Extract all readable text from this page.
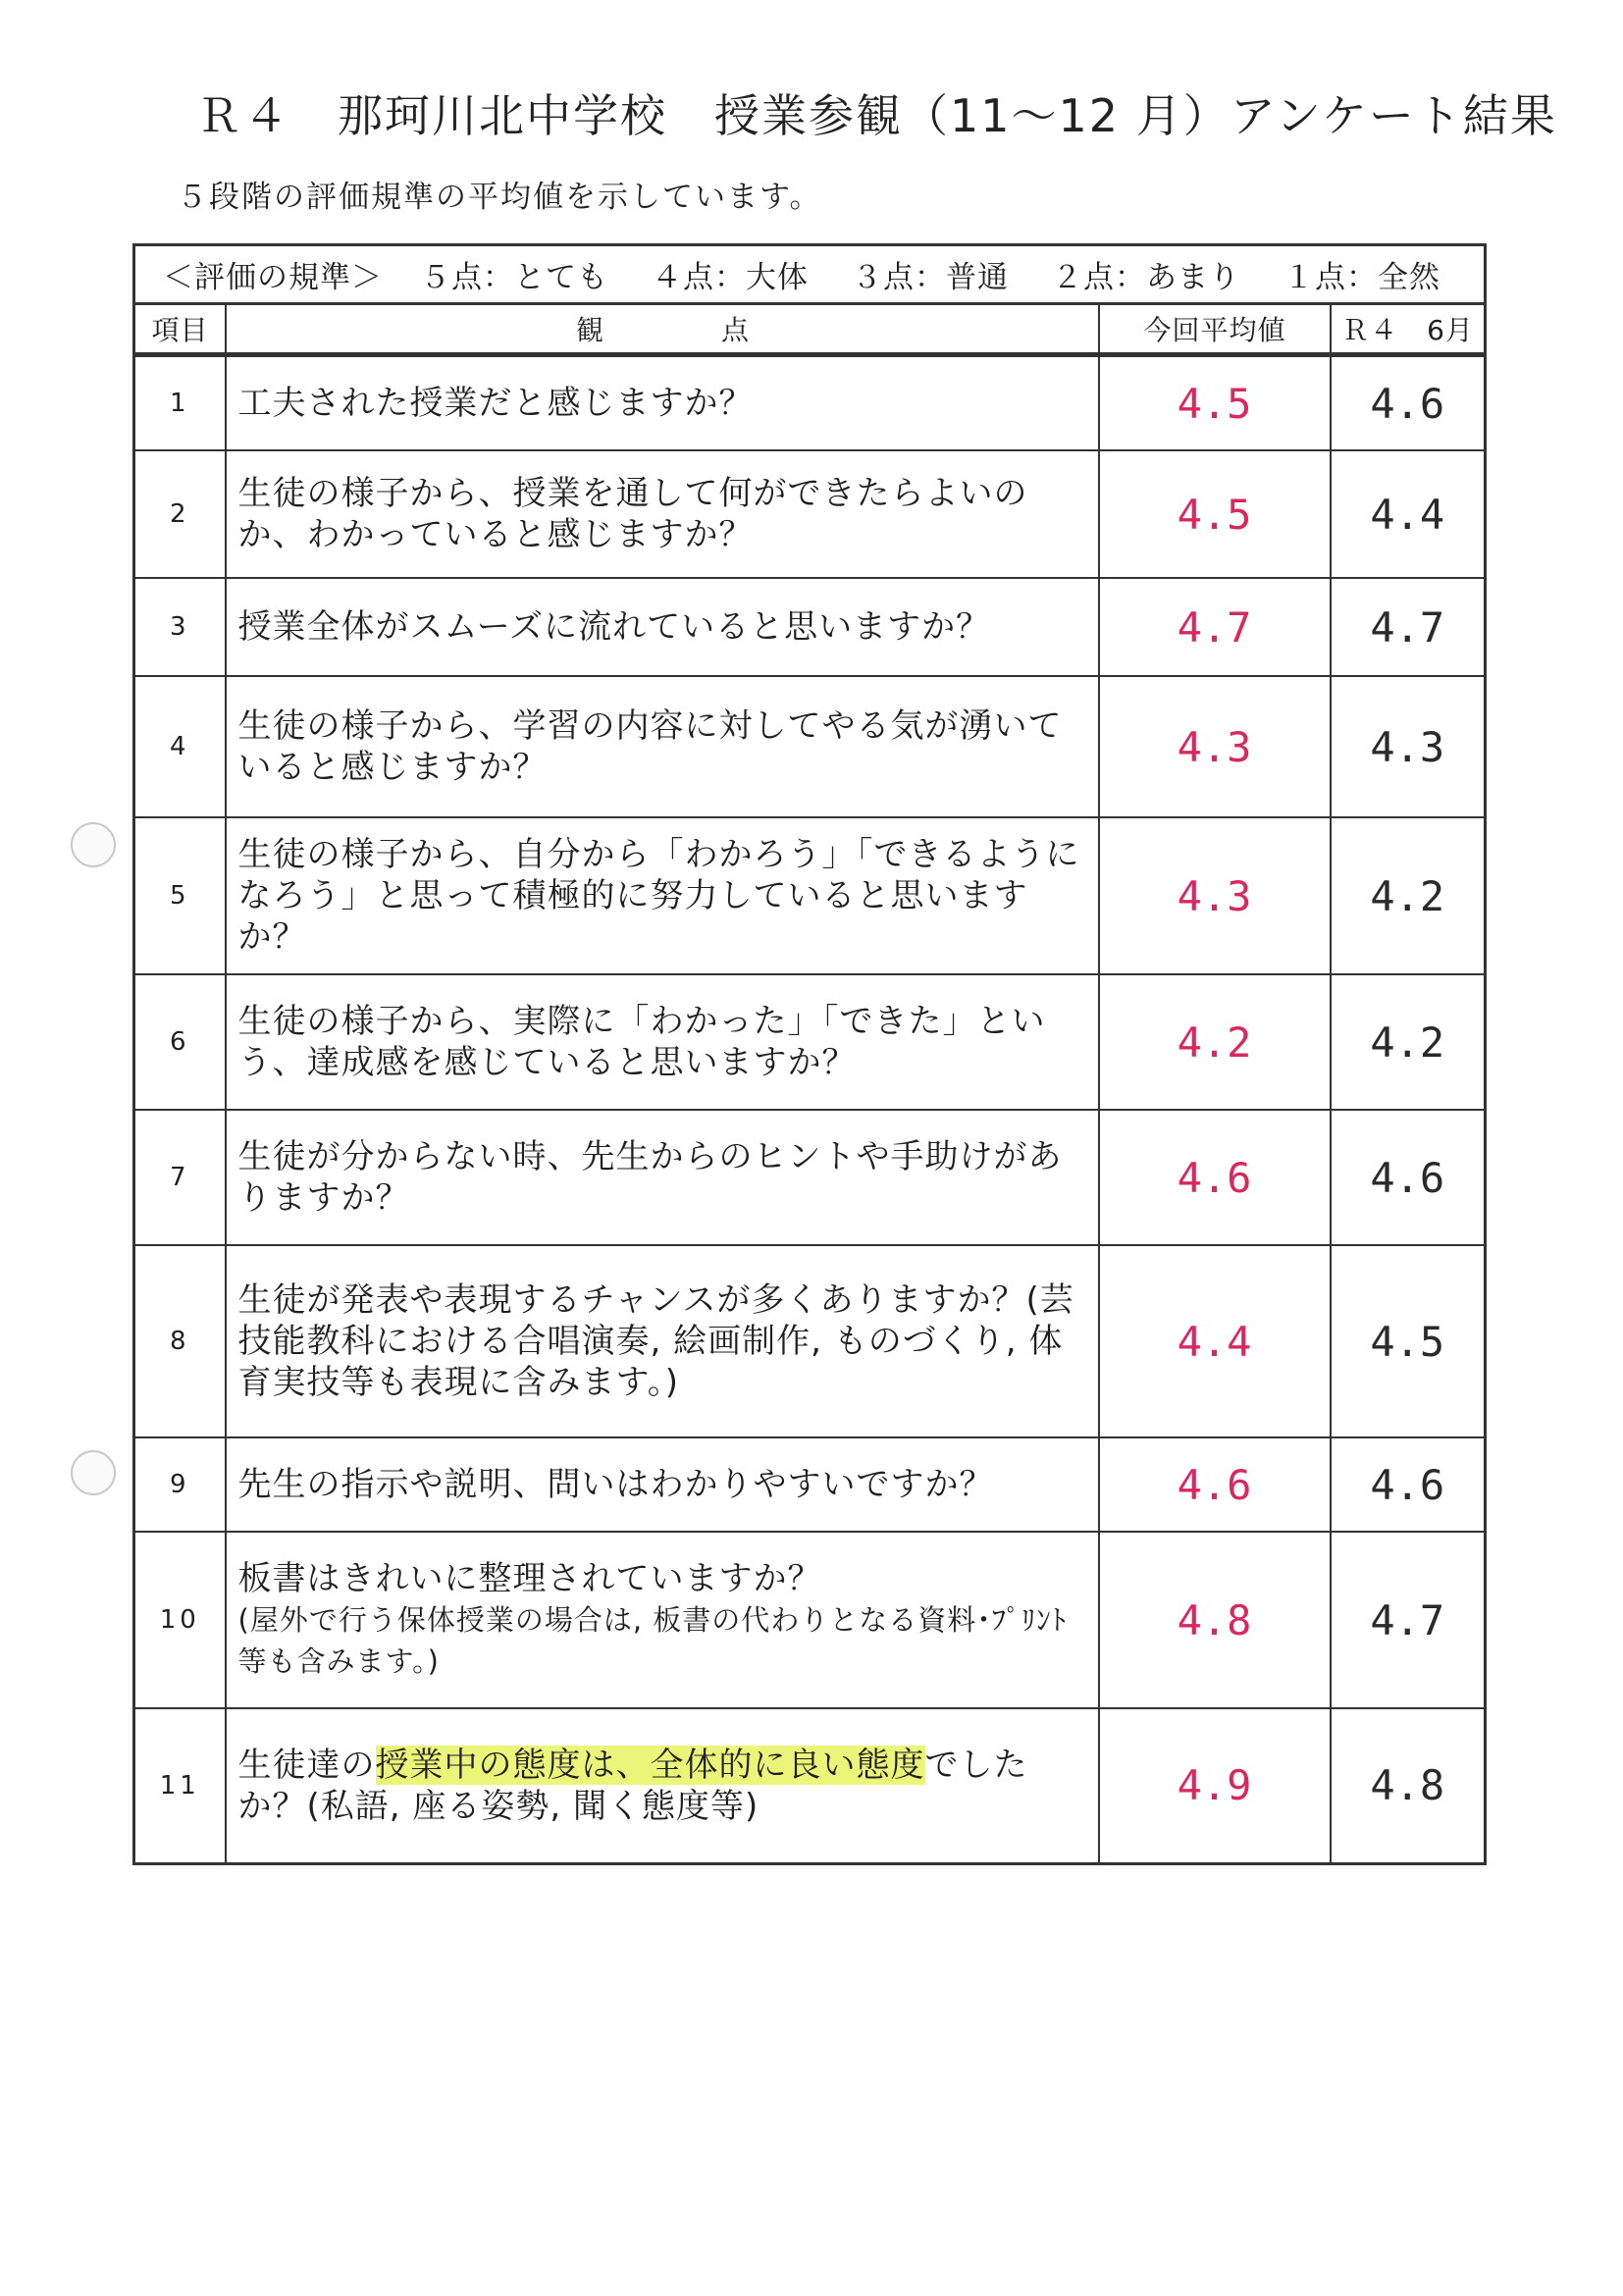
Ｒ４　那珂川北中学校　授業参観（11～12 月）アンケート結果
５段階の評価規準の平均値を示しています。
＜評価の規準＞ ５点：とても ４点：大体 ３点：普通 ２点：あまり １点：全然
項目	観点	今回平均値	Ｒ４　6月
1	工夫された授業だと感じますか？	4.5	4.6
2	生徒の様子から、授業を通して何ができたらよいのか、わかっていると感じますか？	4.5	4.4
3	授業全体がスムーズに流れていると思いますか？	4.7	4.7
4	生徒の様子から、学習の内容に対してやる気が湧いていると感じますか？	4.3	4.3
5	生徒の様子から、自分から「わかろう」「できるようになろう」と思って積極的に努力していると思いますか？	4.3	4.2
6	生徒の様子から、実際に「わかった」「できた」という、達成感を感じていると思いますか？	4.2	4.2
7	生徒が分からない時、先生からのヒントや手助けがありますか？	4.6	4.6
8	生徒が発表や表現するチャンスが多くありますか？(芸技能教科における合唱演奏, 絵画制作, ものづくり, 体育実技等も表現に含みます。)	4.4	4.5
9	先生の指示や説明、問いはわかりやすいですか？	4.6	4.6
10	板書はきれいに整理されていますか？
(屋外で行う保体授業の場合は, 板書の代わりとなる資料･ﾌﾟﾘﾝﾄ等も含みます。)	4.8	4.7
11	生徒達の授業中の態度は、全体的に良い態度でしたか？(私語, 座る姿勢, 聞く態度等)	4.9	4.8
